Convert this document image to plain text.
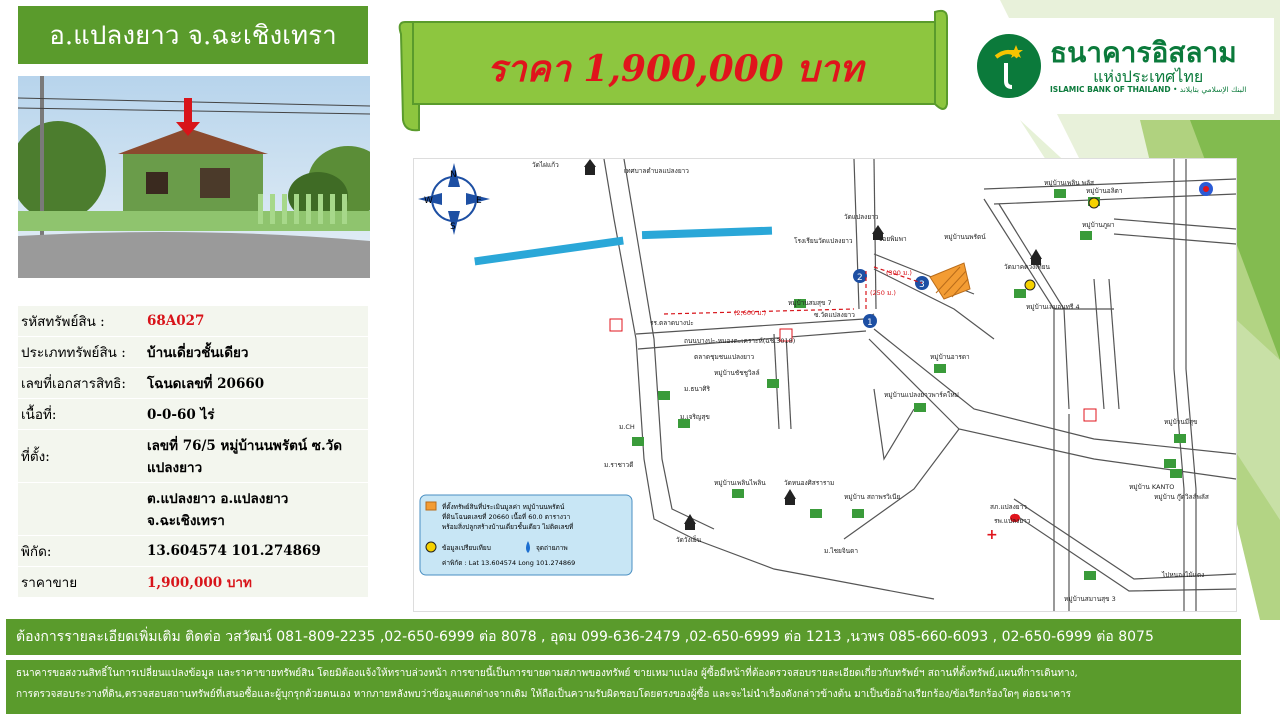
อ.แปลงยาว จ.ฉะเชิงเทรา
รหัสทรัพย์สิน :	68A027
ประเภททรัพย์สิน :	บ้านเดี่ยวชั้นเดียว
เลขที่เอกสารสิทธิ:	โฉนดเลขที่ 20660
เนื้อที่:	0-0-60 ไร่
ที่ตั้ง:	เลขที่ 76/5 หมู่บ้านนพรัตน์ ซ.วัดแปลงยาว
	ต.แปลงยาว อ.แปลงยาว จ.ฉะเชิงเทรา
พิกัด:	13.604574 101.274869
ราคาขาย	1,900,000 บาท
ราคา 1,900,000 บาท	ธนาคารอิสลาม
แห่งประเทศไทย
ISLAMIC BANK OF THAILAND • البنك الإسلامي بتايلاند
1
2
3
N
S
W	E
+
วัดไผ่แก้ว
เทศบาลตำบลแปลงยาว
วัดแปลงยาว
โรงเรียนวัดแปลงยาว	ซอยพิมพา	หมู่บ้านนพรัตน์
วัดมาคดวงเทียน
หมู่บ้านเพลิน พลัส
หมู่บ้านอลิตา
หมู่บ้านภูผา
หมู่บ้านเลมอนทรี 4
ซ.วัดแปลงยาว
หมู่บ้านสมสุข 7
รร.ตลาดบางปะ
(2,600 ม.)
(250 ม.)
(300 ม.)
ถนนบางปะ-หนองตะเคราะห์(ฉช.3018)
ตลาดชุมชนแปลงยาว
หมู่บ้านชัชชูวิลล์
หมู่บ้านอารดา
ม.ธนาศิริ
ม.เจริญสุข
ม.CH
ม.ราชาวดี
หมู่บ้านแปลงยาวพาร์คใหม่
หมู่บ้านมีสุข
หมู่บ้าน KANTO
หมู่บ้าน กู๊ดวิลล์พลัส
หมู่บ้านเพลินไพลิน	วัดหนองศิสราราม
หมู่บ้าน สถาพรวิเนีย
ม.ไชยจินดา
วัดวังเย็น
สภ.แปลงยาว
รพ.แปลงยาว
ไปหนองไม้แดง
หมู่บ้านสมานสุข 3
ที่ตั้งทรัพย์สินที่ประเมินมูลค่า หมู่บ้านนพรัตน์
ที่ดินโฉนดเลขที่ 20660 เนื้อที่ 60.0 ตารางวา
พร้อมสิ่งปลูกสร้างบ้านเดี่ยวชั้นเดียว ไม่ติดเลขที่
ข้อมูลเปรียบเทียบ	จุดถ่ายภาพ
ค่าพิกัด : Lat 13.604574 Long 101.274869
ต้องการรายละเอียดเพิ่มเติม ติดต่อ วสวัฒน์ 081-809-2235 ,02-650-6999 ต่อ 8078 , อุดม 099-636-2479 ,02-650-6999 ต่อ 1213 ,นวพร 085-660-6093 , 02-650-6999 ต่อ 8075
ธนาคารขอสงวนสิทธิ์ในการเปลี่ยนแปลงข้อมูล และราคาขายทรัพย์สิน โดยมิต้องแจ้งให้ทราบล่วงหน้า การขายนี้เป็นการขายตามสภาพของทรัพย์ ขายเหมาแปลง ผู้ซื้อมีหน้าที่ต้องตรวจสอบรายละเอียดเกี่ยวกับทรัพย์ฯ สถานที่ตั้งทรัพย์,แผนที่การเดินทาง,
การตรวจสอบระวางที่ดิน,ตรวจสอบสถานทรัพย์ที่เสนอซื้อและผู้บุกรุกด้วยตนเอง หากภายหลังพบว่าข้อมูลแตกต่างจากเดิม ให้ถือเป็นความรับผิดชอบโดยตรงของผู้ซื้อ และจะไม่นำเรื่องดังกล่าวข้างต้น มาเป็นข้ออ้างเรียกร้อง/ข้อเรียกร้องใดๆ ต่อธนาคาร
